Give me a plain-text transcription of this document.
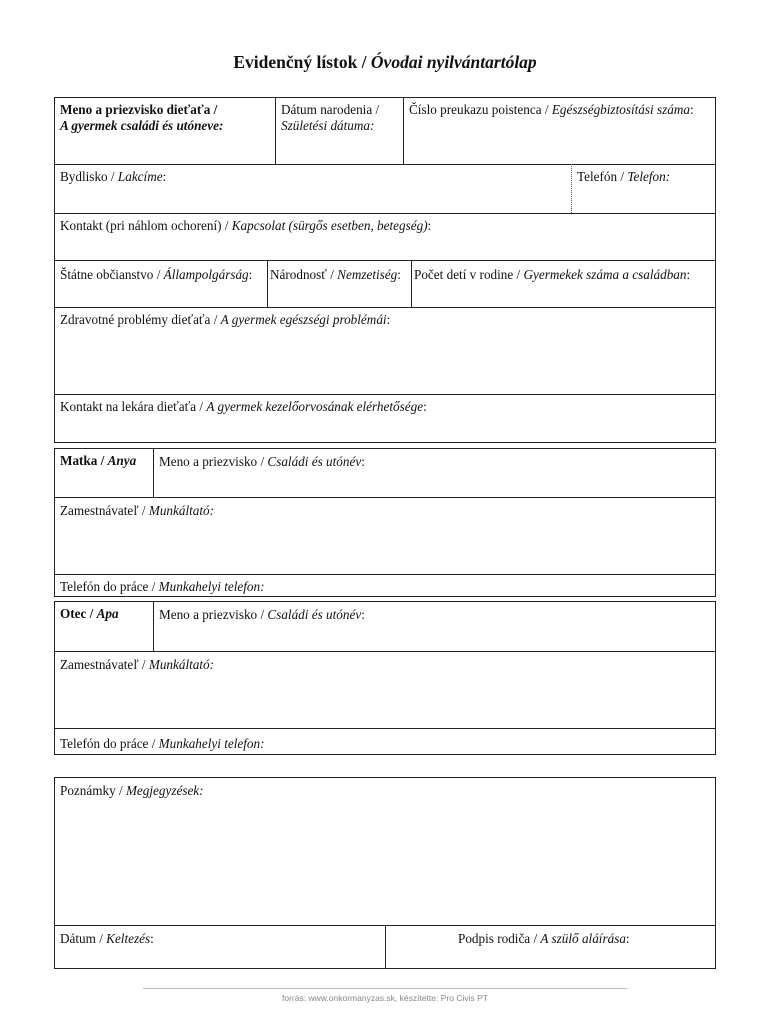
Evidenčný lístok / Óvodai nyilvántartólap
Meno a priezvisko dieťaťa /
A gyermek családi és utóneve:
Dátum narodenia /
Születési dátuma:
Číslo preukazu poistenca / Egészségbiztosítási száma:
Bydlisko / Lakcíme:	Telefón / Telefon:
Kontakt (pri náhlom ochorení) / Kapcsolat (sürgős esetben, betegség):
Štátne občianstvo / Állampolgárság:	Národnosť / Nemzetiség: Počet detí v rodine / Gyermekek száma a családban:
Zdravotné problémy dieťaťa / A gyermek egészségi problémái:
Kontakt na lekára dieťaťa / A gyermek kezelőorvosának elérhetősége:
Matka / Anya	Meno a priezvisko / Családi és utónév:
Zamestnávateľ / Munkáltató:
Telefón do práce / Munkahelyi telefon:
Otec / Apa	Meno a priezvisko / Családi és utónév:
Zamestnávateľ / Munkáltató:
Telefón do práce / Munkahelyi telefon:
Poznámky / Megjegyzések:
Dátum / Keltezés:	Podpis rodiča / A szülő aláírása:
forrás: www.onkormanyzas.sk, készítette: Pro Civis PT
